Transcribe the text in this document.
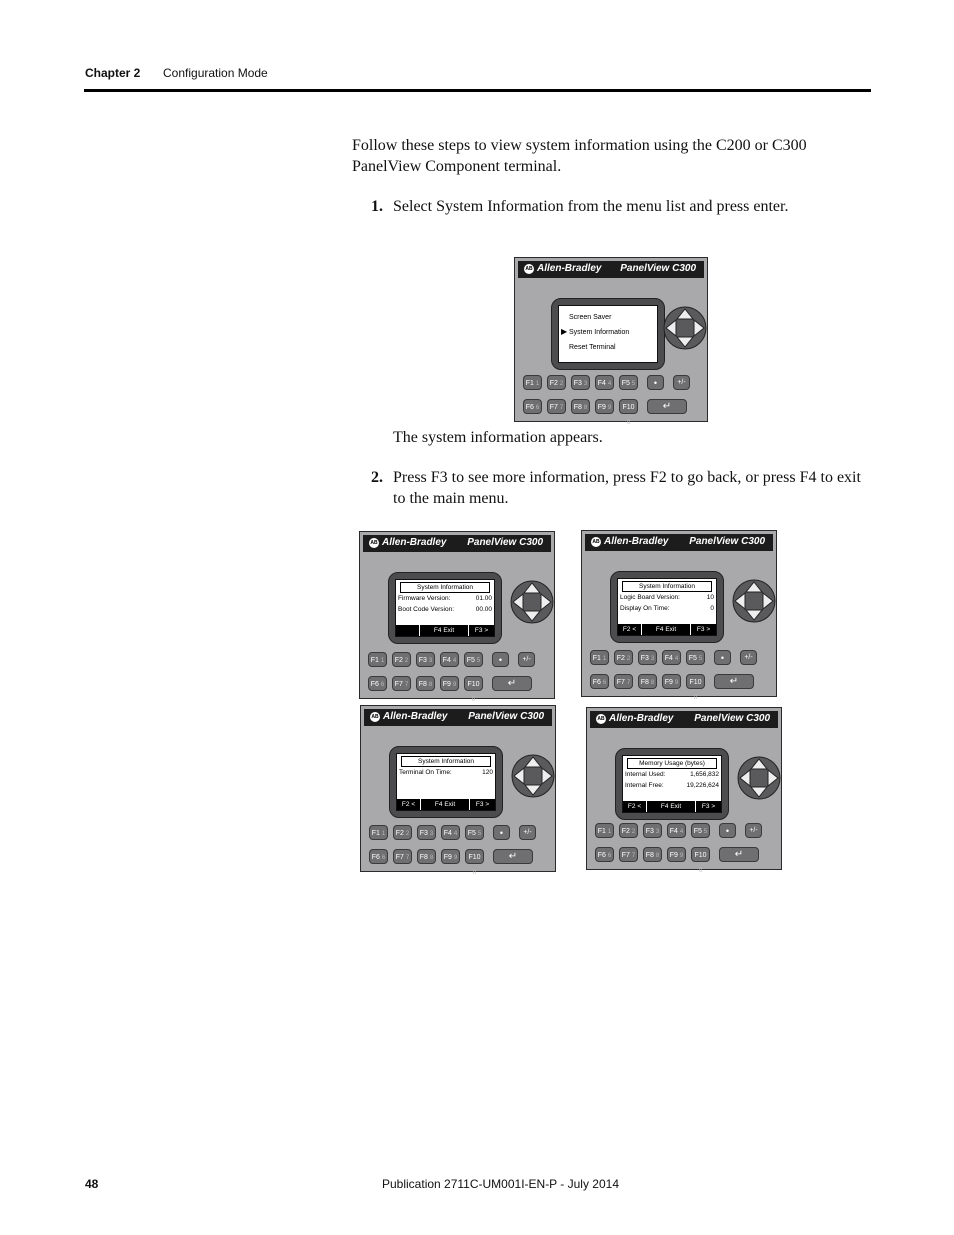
Chapter 2 Configuration Mode
Follow these steps to view system information using the C200 or C300 PanelView Component terminal.
1. Select System Information from the menu list and press enter.
AB Allen-Bradley PanelView C300
▶
Screen Saver
System Information
Reset Terminal
F1 1	F2 2	F3 3	F4 4	F5 5	•	+/-
F6 6	F7 7	F8 8	F9 9	F10 0
↵
The system information appears.
2. Press F3 to see more information, press F2 to go back, or press F4 to exit to the main menu.
AB Allen-Bradley PanelView C300
System Information
Firmware Version:	01.00
Boot Code Version:	00.00
F4 Exit	F3 >
F1 1	F2 2	F3 3	F4 4	F5 5	•	+/-
F6 6	F7 7	F8 8	F9 9	F10 0
↵
AB Allen-Bradley PanelView C300
System Information
Logic Board Version:	10
Display On Time:	0
F2 <	F4 Exit	F3 >
F1 1	F2 2	F3 3	F4 4	F5 5	•	+/-
F6 6	F7 7	F8 8	F9 9	F10 0
↵
AB Allen-Bradley PanelView C300
System Information
Terminal On Time:	120
F2 <	F4 Exit	F3 >
F1 1	F2 2	F3 3	F4 4	F5 5	•	+/-
F6 6	F7 7	F8 8	F9 9	F10 0
↵
AB Allen-Bradley PanelView C300
Memory Usage (bytes)
Internal Used:	1,656,832
Internal Free:	19,226,624
F2 <	F4 Exit	F3 >
F1 1	F2 2	F3 3	F4 4	F5 5	•	+/-
F6 6	F7 7	F8 8	F9 9	F10 0
↵
48	Publication 2711C-UM001I-EN-P - July 2014
